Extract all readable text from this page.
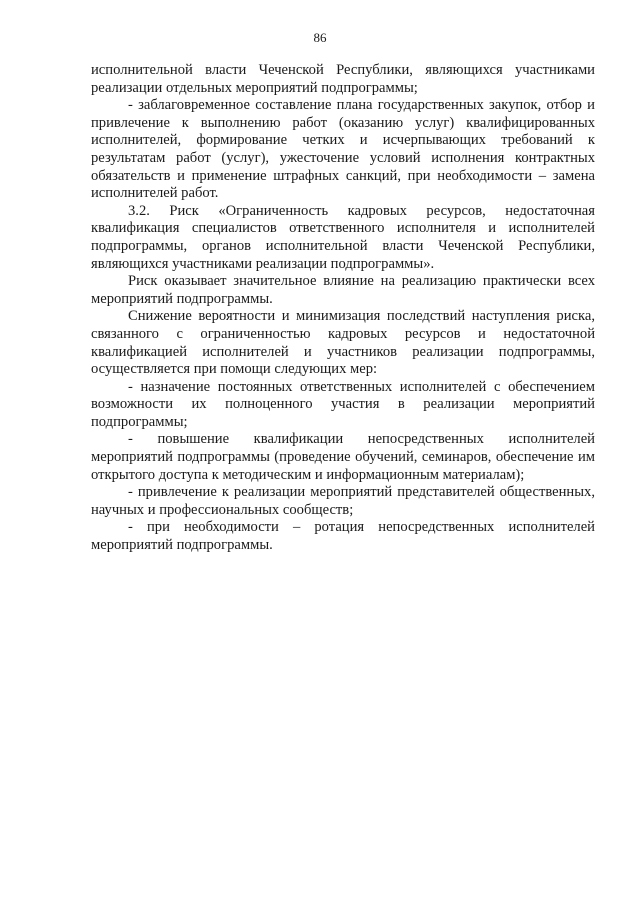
86

исполнительной власти Чеченской Республики, являющихся участниками реализации отдельных мероприятий подпрограммы;

- заблаговременное составление плана государственных закупок, отбор и привлечение к выполнению работ (оказанию услуг) квалифицированных исполнителей, формирование четких и исчерпывающих требований к результатам работ (услуг), ужесточение условий исполнения контрактных обязательств и применение штрафных санкций, при необходимости – замена исполнителей работ.

3.2. Риск «Ограниченность кадровых ресурсов, недостаточная квалификация специалистов ответственного исполнителя и исполнителей подпрограммы, органов исполнительной власти Чеченской Республики, являющихся участниками реализации подпрограммы».

Риск оказывает значительное влияние на реализацию практически всех мероприятий подпрограммы.

Снижение вероятности и минимизация последствий наступления риска, связанного с ограниченностью кадровых ресурсов и недостаточной квалификацией исполнителей и участников реализации подпрограммы, осуществляется при помощи следующих мер:

- назначение постоянных ответственных исполнителей с обеспечением возможности их полноценного участия в реализации мероприятий подпрограммы;

- повышение квалификации непосредственных исполнителей мероприятий подпрограммы (проведение обучений, семинаров, обеспечение им открытого доступа к методическим и информационным материалам);

- привлечение к реализации мероприятий представителей общественных, научных и профессиональных сообществ;

- при необходимости – ротация непосредственных исполнителей мероприятий подпрограммы.
